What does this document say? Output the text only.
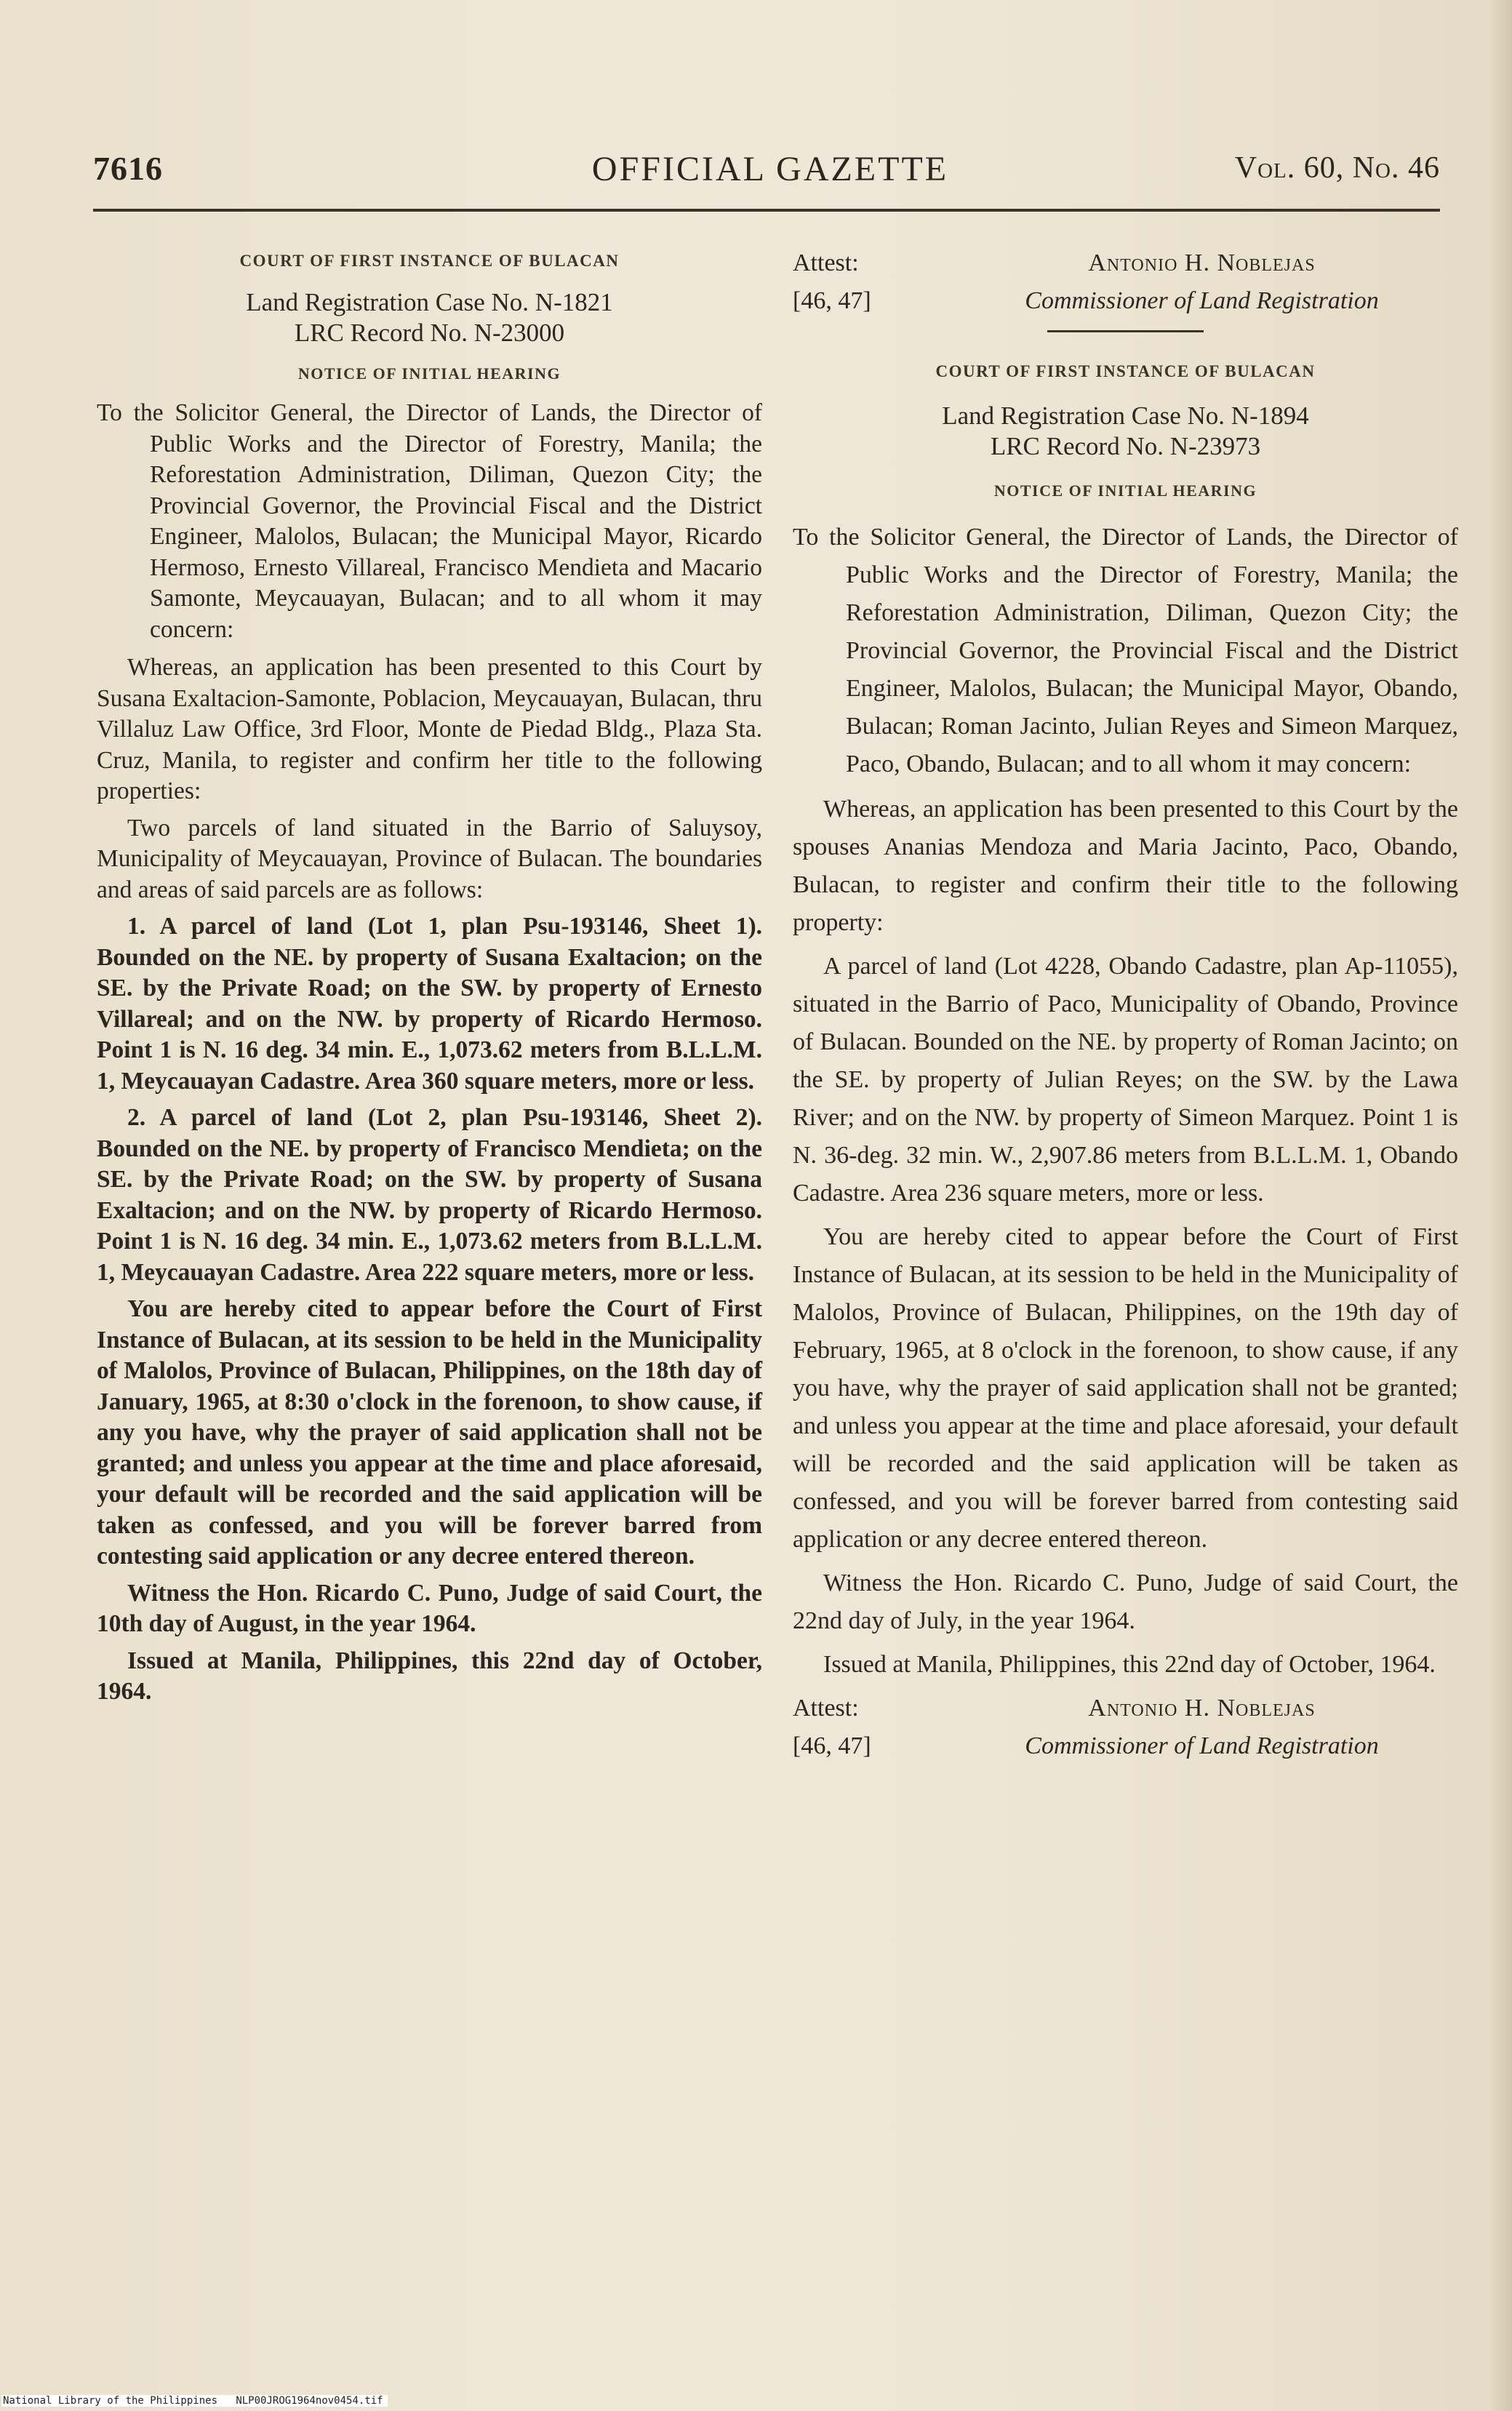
7616	OFFICIAL GAZETTE	Vol. 60, No. 46
COURT OF FIRST INSTANCE OF BULACAN
Land Registration Case No. N-1821
LRC Record No. N-23000
NOTICE OF INITIAL HEARING

To the Solicitor General, the Director of Lands, the Director of Public Works and the Director of Forestry, Manila; the Reforestation Administration, Diliman, Quezon City; the Provincial Governor, the Provincial Fiscal and the District Engineer, Malolos, Bulacan; the Municipal Mayor, Ricardo Hermoso, Ernesto Villareal, Francisco Mendieta and Macario Samonte, Meycauayan, Bulacan; and to all whom it may concern:

Whereas, an application has been presented to this Court by Susana Exaltacion-Samonte, Poblacion, Meycauayan, Bulacan, thru Villaluz Law Office, 3rd Floor, Monte de Piedad Bldg., Plaza Sta. Cruz, Manila, to register and confirm her title to the following properties:

Two parcels of land situated in the Barrio of Saluysoy, Municipality of Meycauayan, Province of Bulacan. The boundaries and areas of said parcels are as follows:

1. A parcel of land (Lot 1, plan Psu-193146, Sheet 1). Bounded on the NE. by property of Susana Exaltacion; on the SE. by the Private Road; on the SW. by property of Ernesto Villareal; and on the NW. by property of Ricardo Hermoso. Point 1 is N. 16 deg. 34 min. E., 1,073.62 meters from B.L.L.M. 1, Meycauayan Cadastre. Area 360 square meters, more or less.

2. A parcel of land (Lot 2, plan Psu-193146, Sheet 2). Bounded on the NE. by property of Francisco Mendieta; on the SE. by the Private Road; on the SW. by property of Susana Exaltacion; and on the NW. by property of Ricardo Hermoso. Point 1 is N. 16 deg. 34 min. E., 1,073.62 meters from B.L.L.M. 1, Meycauayan Cadastre. Area 222 square meters, more or less.

You are hereby cited to appear before the Court of First Instance of Bulacan, at its session to be held in the Municipality of Malolos, Province of Bulacan, Philippines, on the 18th day of January, 1965, at 8:30 o'clock in the forenoon, to show cause, if any you have, why the prayer of said application shall not be granted; and unless you appear at the time and place aforesaid, your default will be recorded and the said application will be taken as confessed, and you will be forever barred from contesting said application or any decree entered thereon.

Witness the Hon. Ricardo C. Puno, Judge of said Court, the 10th day of August, in the year 1964.

Issued at Manila, Philippines, this 22nd day of October, 1964.

Attest:	Antonio H. Noblejas
[46, 47]	Commissioner of Land Registration
COURT OF FIRST INSTANCE OF BULACAN
Land Registration Case No. N-1894
LRC Record No. N-23973
NOTICE OF INITIAL HEARING

To the Solicitor General, the Director of Lands, the Director of Public Works and the Director of Forestry, Manila; the Reforestation Administration, Diliman, Quezon City; the Provincial Governor, the Provincial Fiscal and the District Engineer, Malolos, Bulacan; the Municipal Mayor, Obando, Bulacan; Roman Jacinto, Julian Reyes and Simeon Marquez, Paco, Obando, Bulacan; and to all whom it may concern:

Whereas, an application has been presented to this Court by the spouses Ananias Mendoza and Maria Jacinto, Paco, Obando, Bulacan, to register and confirm their title to the following property:

A parcel of land (Lot 4228, Obando Cadastre, plan Ap-11055), situated in the Barrio of Paco, Municipality of Obando, Province of Bulacan. Bounded on the NE. by property of Roman Jacinto; on the SE. by property of Julian Reyes; on the SW. by the Lawa River; and on the NW. by property of Simeon Marquez. Point 1 is N. 36-deg. 32 min. W., 2,907.86 meters from B.L.L.M. 1, Obando Cadastre. Area 236 square meters, more or less.

You are hereby cited to appear before the Court of First Instance of Bulacan, at its session to be held in the Municipality of Malolos, Province of Bulacan, Philippines, on the 19th day of February, 1965, at 8 o'clock in the forenoon, to show cause, if any you have, why the prayer of said application shall not be granted; and unless you appear at the time and place aforesaid, your default will be recorded and the said application will be taken as confessed, and you will be forever barred from contesting said application or any decree entered thereon.

Witness the Hon. Ricardo C. Puno, Judge of said Court, the 22nd day of July, in the year 1964.

Issued at Manila, Philippines, this 22nd day of October, 1964.

Attest:	Antonio H. Noblejas
[46, 47]	Commissioner of Land Registration
National Library of the Philippines NLP00JROG1964nov0454.tif
